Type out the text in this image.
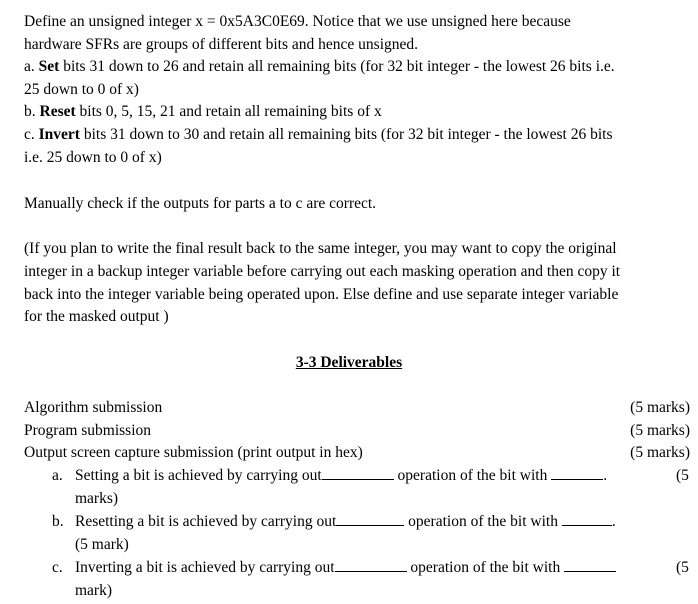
Define an unsigned integer x = 0x5A3C0E69. Notice that we use unsigned here because
hardware SFRs are groups of different bits and hence unsigned.
a. Set bits 31 down to 26 and retain all remaining bits (for 32 bit integer - the lowest 26 bits i.e.
25 down to 0 of x)
b. Reset bits 0, 5, 15, 21 and retain all remaining bits of x
c. Invert bits 31 down to 30 and retain all remaining bits (for 32 bit integer - the lowest 26 bits
i.e. 25 down to 0 of x)
Manually check if the outputs for parts a to c are correct.
(If you plan to write the final result back to the same integer, you may want to copy the original
integer in a backup integer variable before carrying out each masking operation and then copy it
back into the integer variable being operated upon. Else define and use separate integer variable
for the masked output )
3-3 Deliverables
Algorithm submission	(5 marks)
Program submission	(5 marks)
Output screen capture submission (print output in hex)	(5 marks)
a. Setting a bit is achieved by carrying out	operation of the bit with	.	(5
marks)
b. Resetting a bit is achieved by carrying out	operation of the bit with	.
(5 mark)
c. Inverting a bit is achieved by carrying out	operation of the bit with	(5
mark)
